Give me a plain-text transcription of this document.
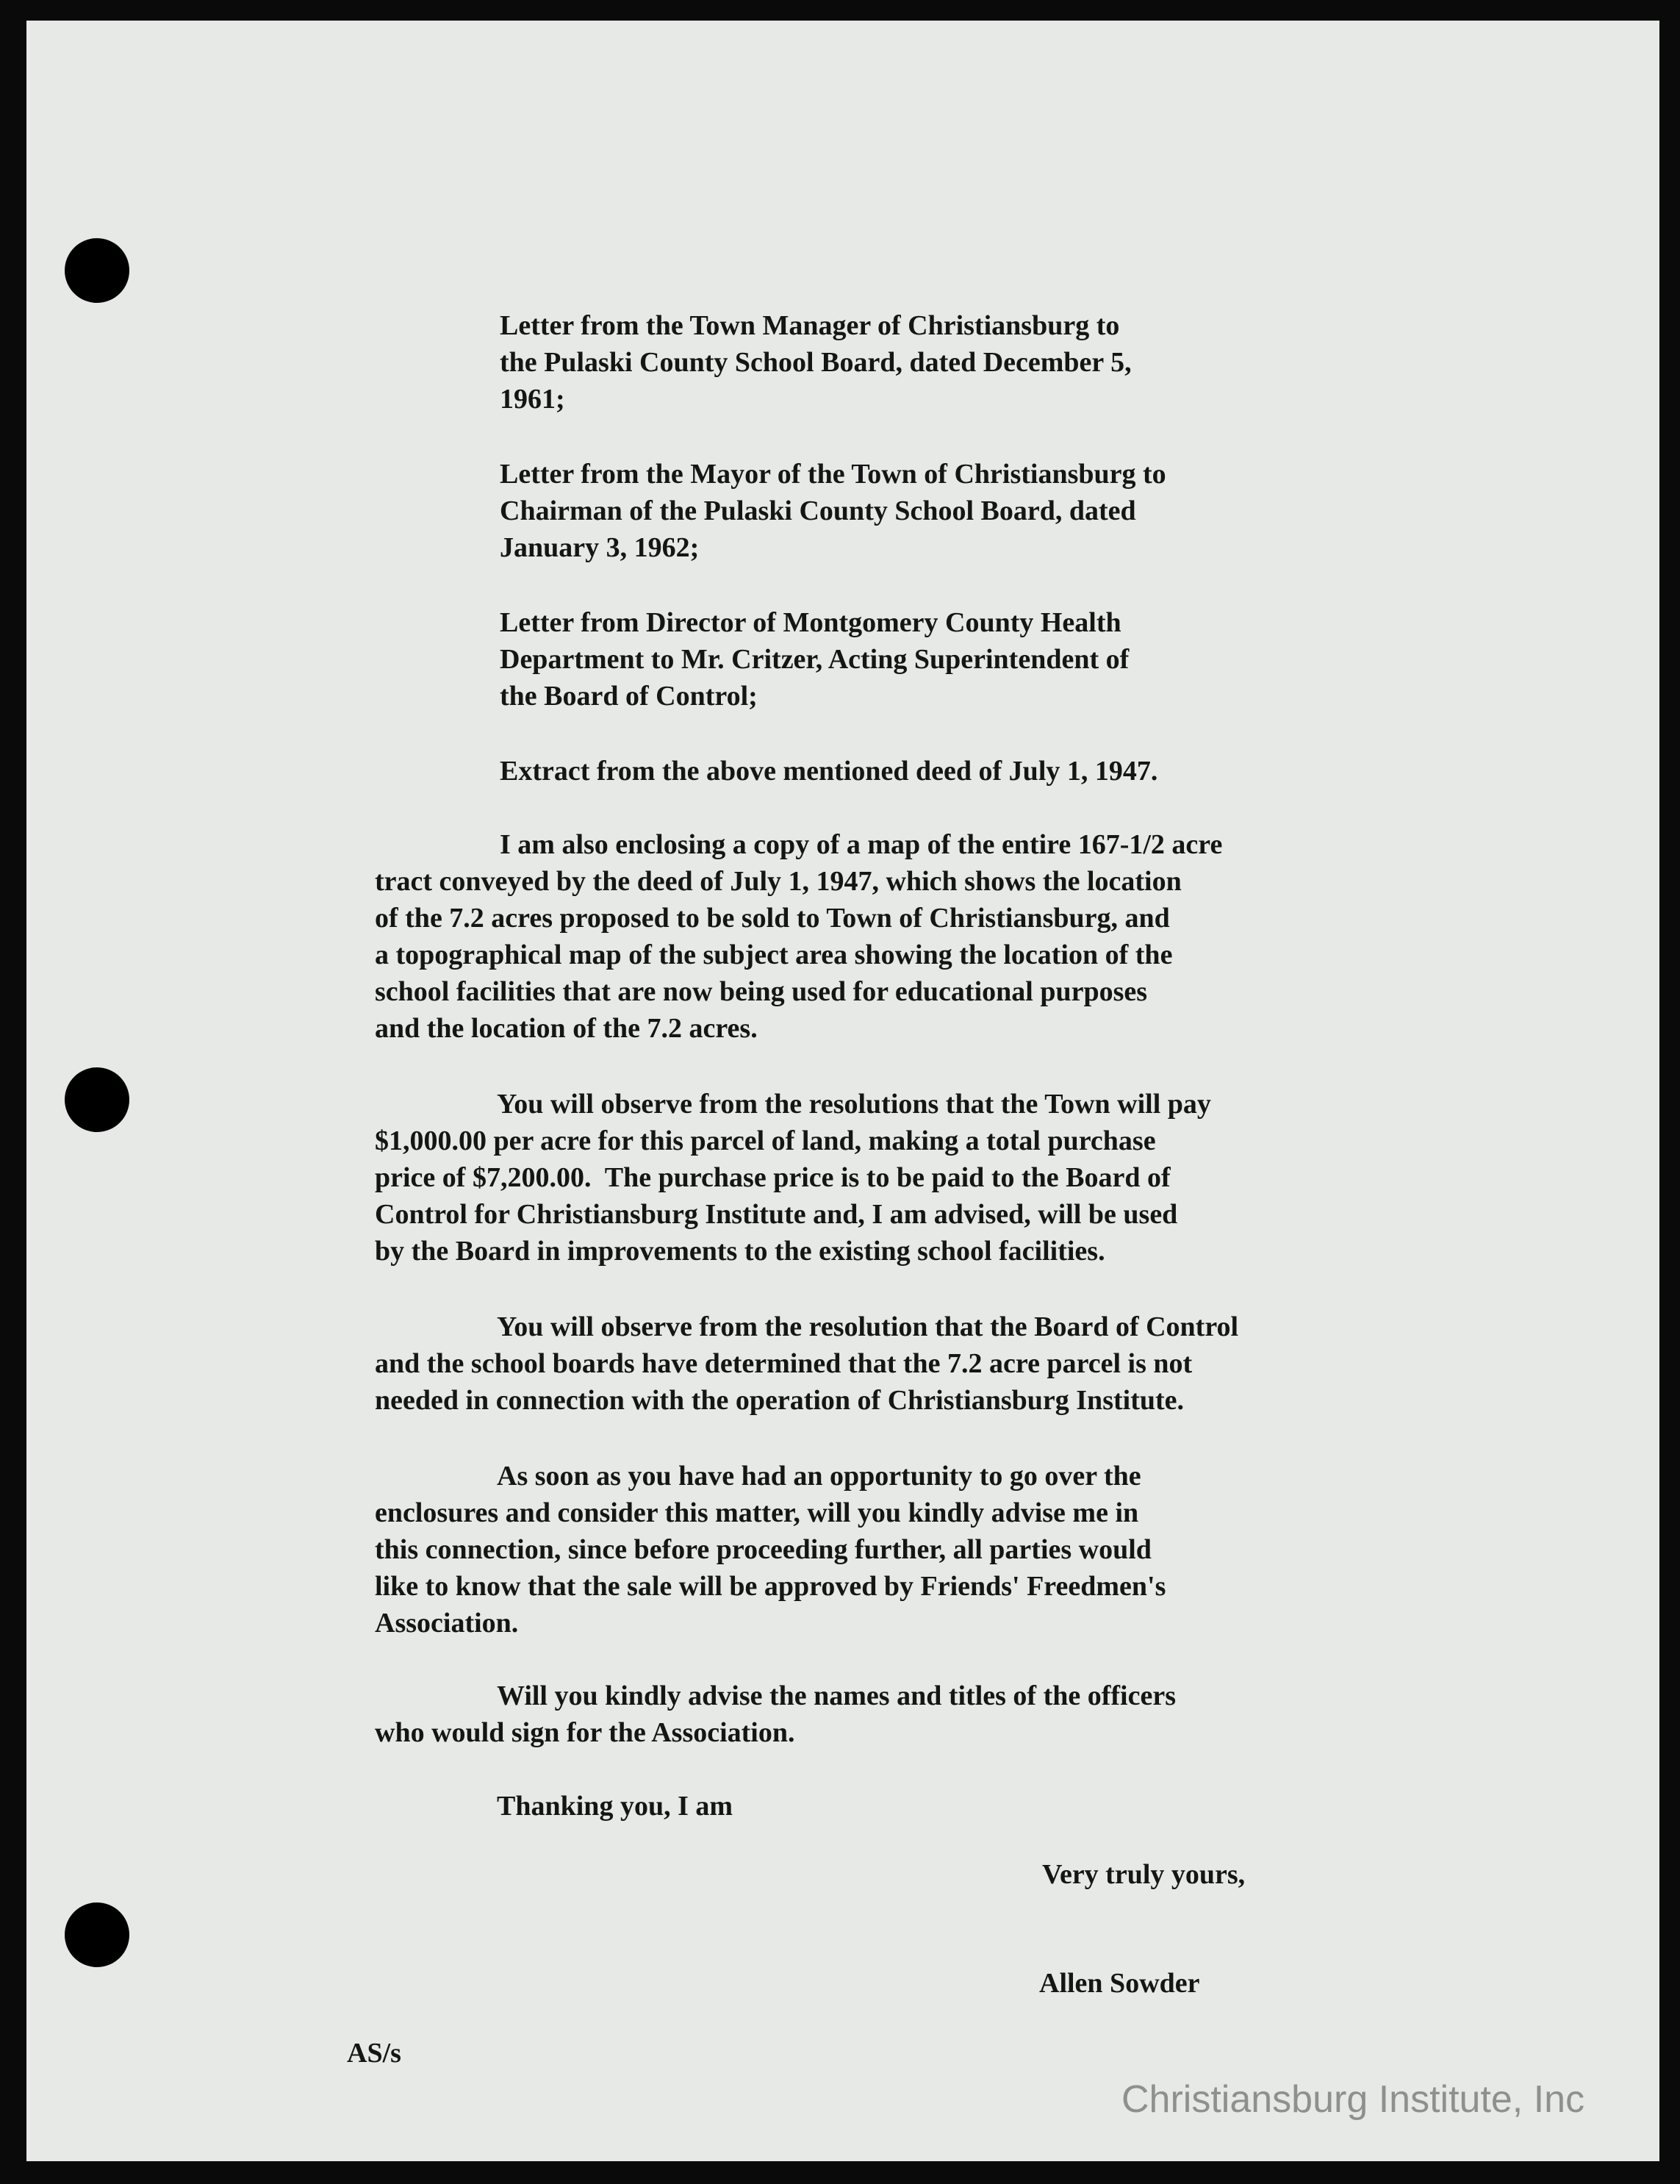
Letter from the Town Manager of Christiansburg to

the Pulaski County School Board, dated December 5,

1961;

Letter from the Mayor of the Town of Christiansburg to

Chairman of the Pulaski County School Board, dated

January 3, 1962;

Letter from Director of Montgomery County Health

Department to Mr. Critzer, Acting Superintendent of

the Board of Control;

Extract from the above mentioned deed of July 1, 1947.

I am also enclosing a copy of a map of the entire 167-1/2 acre

tract conveyed by the deed of July 1, 1947, which shows the location

of the 7.2 acres proposed to be sold to Town of Christiansburg, and

a topographical map of the subject area showing the location of the

school facilities that are now being used for educational purposes

and the location of the 7.2 acres.

You will observe from the resolutions that the Town will pay

$1,000.00 per acre for this parcel of land, making a total purchase

price of $7,200.00.  The purchase price is to be paid to the Board of

Control for Christiansburg Institute and, I am advised, will be used

by the Board in improvements to the existing school facilities.

You will observe from the resolution that the Board of Control

and the school boards have determined that the 7.2 acre parcel is not

needed in connection with the operation of Christiansburg Institute.

As soon as you have had an opportunity to go over the

enclosures and consider this matter, will you kindly advise me in

this connection, since before proceeding further, all parties would

like to know that the sale will be approved by Friends' Freedmen's

Association.

Will you kindly advise the names and titles of the officers

who would sign for the Association.

Thanking you, I am

Very truly yours,

Allen Sowder

AS/s

Christiansburg Institute, Inc
